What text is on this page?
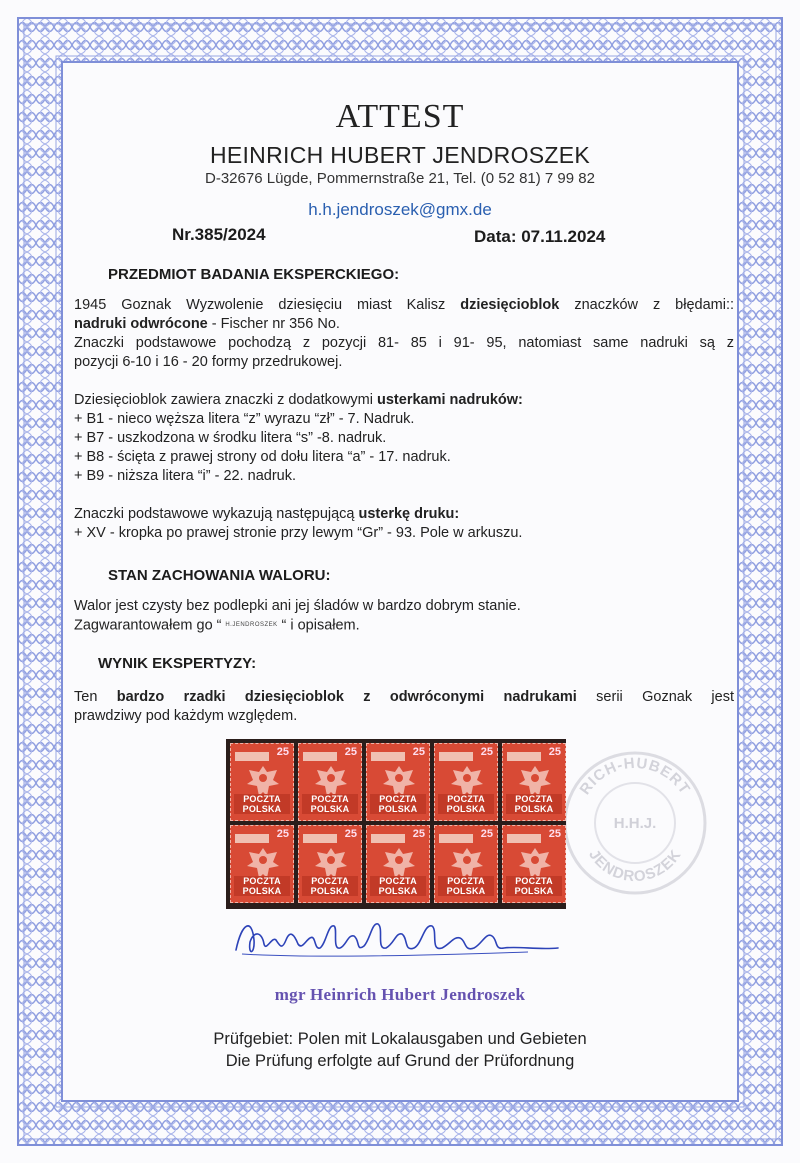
ATTEST
HEINRICH HUBERT JENDROSZEK
D-32676 Lügde, Pommernstraße 21, Tel. (0 52 81) 7 99 82
h.h.jendroszek@gmx.de
Nr.385/2024	Data: 07.11.2024
PRZEDMIOT BADANIA EKSPERCKIEGO:

1945 Goznak Wyzwolenie dziesięciu miast Kalisz dziesięcioblok znaczków z błędami::

nadruki odwrócone - Fischer nr 356 No.

Znaczki podstawowe pochodzą z pozycji 81- 85 i 91- 95, natomiast same nadruki są z

pozycji 6-10 i 16 - 20 formy przedrukowej.

Dziesięcioblok zawiera znaczki z dodatkowymi usterkami nadruków:

+ B1 - nieco węższa litera “z” wyrazu “zł” - 7. Nadruk.

+ B7 - uszkodzona w środku litera “s” -8. nadruk.

+ B8 - ścięta z prawej strony od dołu litera “a” - 17. nadruk.

+ B9 - niższa litera “i” - 22. nadruk.

Znaczki podstawowe wykazują następującą usterkę druku:

+ XV - kropka po prawej stronie przy lewym “Gr” - 93. Pole w arkuszu.

STAN ZACHOWANIA WALORU:

Walor jest czysty bez podlepki ani jej śladów w bardzo dobrym stanie.

Zagwarantowałem go “ H.JENDROSZEK “ i opisałem.

WYNIK EKSPERTYZY:

Ten bardzo rzadki dziesięcioblok z odwróconymi nadrukami serii Goznak jest

prawdziwy pod każdym względem.

RICH-HUBERT
H.H.J.
JENDROSZEK
25
POCZTA POLSKA
25
POCZTA POLSKA
25
POCZTA POLSKA
25
POCZTA POLSKA
25
POCZTA POLSKA
25
POCZTA POLSKA
25
POCZTA POLSKA
25
POCZTA POLSKA
25
POCZTA POLSKA
25
POCZTA POLSKA
mgr Heinrich Hubert Jendroszek
Prüfgebiet: Polen mit Lokalausgaben und Gebieten
Die Prüfung erfolgte auf Grund der Prüfordnung
